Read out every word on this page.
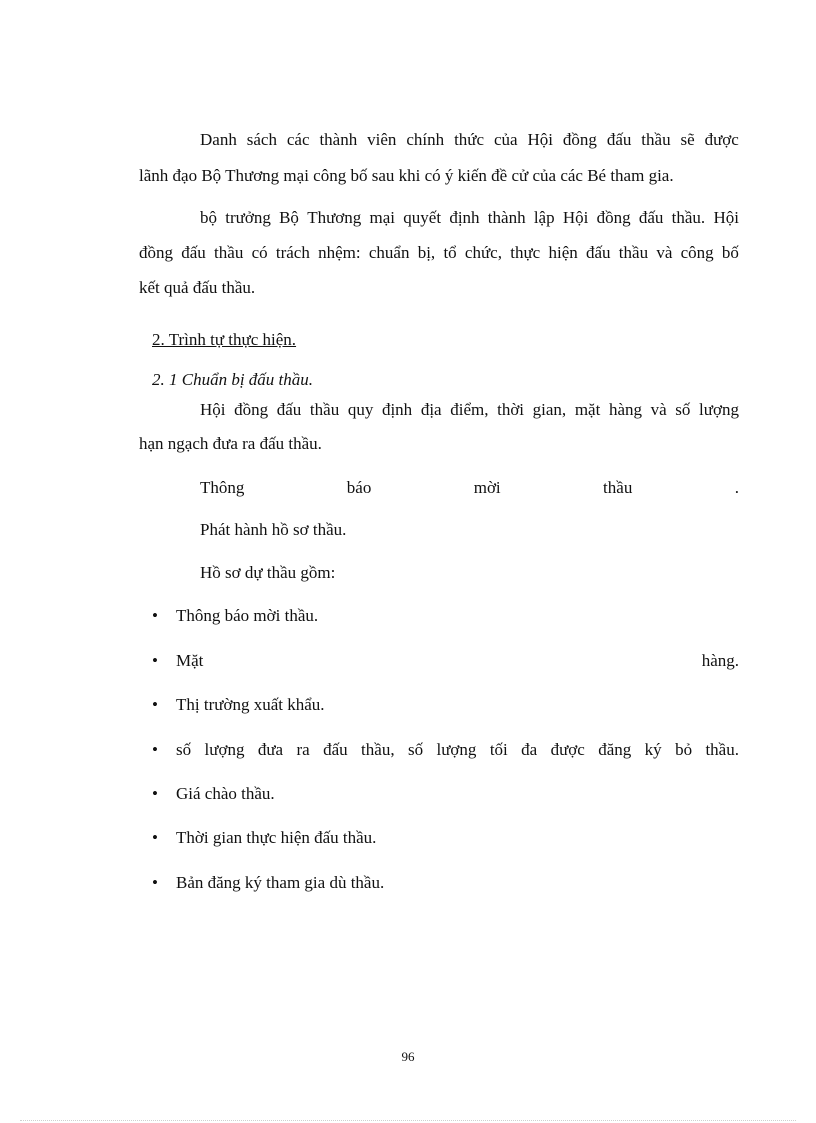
Danh sách các thành viên chính thức của Hội đồng đấu thầu sẽ được
lãnh đạo Bộ Thương mại công bố sau khi có ý kiến đề cử của các Bé tham gia.
bộ trưởng Bộ Thương mại quyết định thành lập Hội đồng đấu thầu. Hội
đồng đấu thầu có trách nhệm: chuẩn bị, tổ chức, thực hiện đấu thầu và công bố
kết quả đấu thầu.
2. Trình tự thực hiện.
2. 1 Chuẩn bị đấu thầu.
Hội đồng đấu thầu quy định địa điểm, thời gian, mặt hàng và số lượng
hạn ngạch đưa ra đấu thầu.
Thông	báo	mời	thầu	.
Phát hành hồ sơ thầu.
Hồ sơ dự thầu gồm:
•	Thông báo mời thầu.
•	Mặt	hàng.
•	Thị trường xuất khẩu.
•	số lượng đưa ra đấu thầu, số lượng tối đa được đăng ký bỏ thầu.
•	Giá chào thầu.
•	Thời gian thực hiện đấu thầu.
•	Bản đăng ký tham gia dù thầu.
96
